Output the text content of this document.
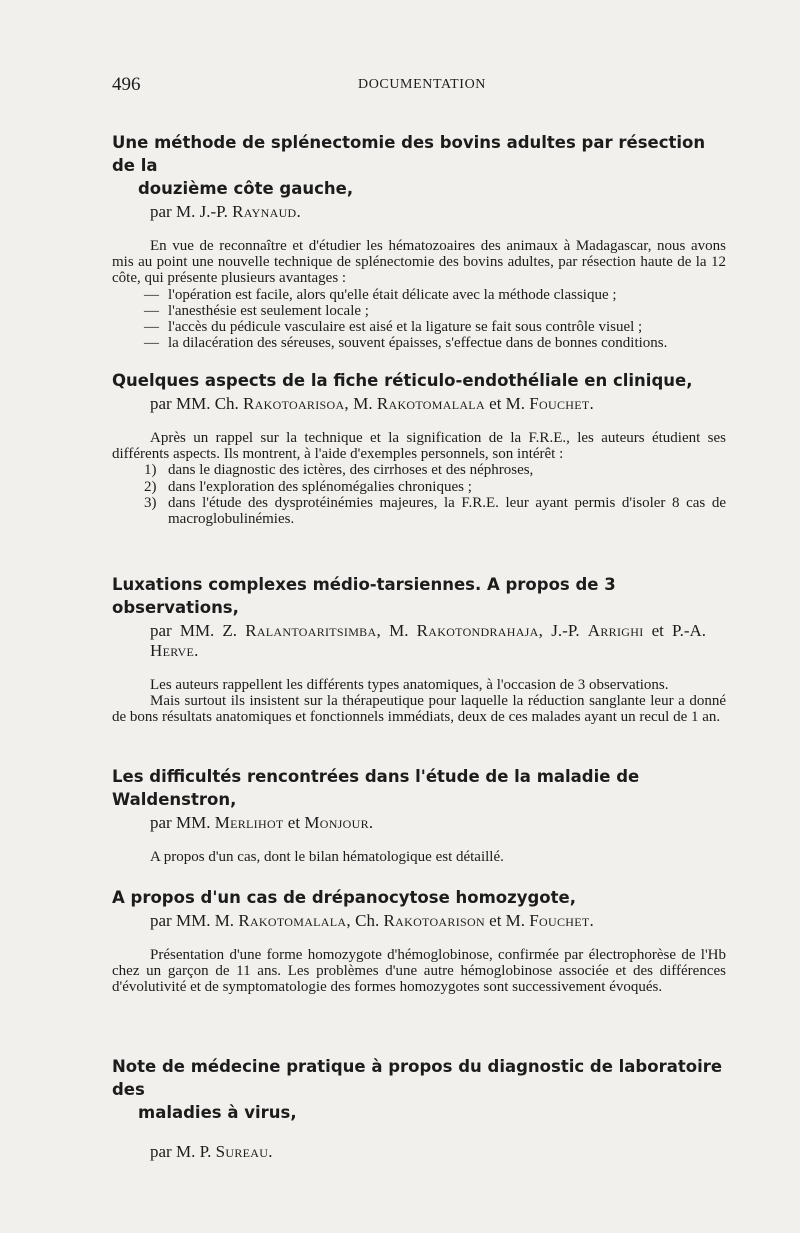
496	DOCUMENTATION
Une méthode de splénectomie des bovins adultes par résection de la
douzième côte gauche,
par M. J.-P. Raynaud.

En vue de reconnaître et d'étudier les hématozoaires des animaux à Madagascar, nous avons mis au point une nouvelle technique de splénectomie des bovins adultes, par résection haute de la 12 côte, qui présente plusieurs avantages :

— l'opération est facile, alors qu'elle était délicate avec la méthode classique ;
— l'anesthésie est seulement locale ;
— l'accès du pédicule vasculaire est aisé et la ligature se fait sous contrôle visuel ;
— la dilacération des séreuses, souvent épaisses, s'effectue dans de bonnes conditions.
Quelques aspects de la fiche réticulo-endothéliale en clinique,
par MM. Ch. Rakotoarisoa, M. Rakotomalala et M. Fouchet.

Après un rappel sur la technique et la signification de la F.R.E., les auteurs étudient ses différents aspects. Ils montrent, à l'aide d'exemples personnels, son intérêt :

1) dans le diagnostic des ictères, des cirrhoses et des néphroses,
2) dans l'exploration des splénomégalies chroniques ;
3) dans l'étude des dysprotéinémies majeures, la F.R.E. leur ayant permis d'isoler 8 cas de macroglobulinémies.
Luxations complexes médio-tarsiennes. A propos de 3 observations,
par MM. Z. Ralantoaritsimba, M. Rakotondrahaja, J.-P. Arrighi et P.-A. Herve.

Les auteurs rappellent les différents types anatomiques, à l'occasion de 3 observations.

Mais surtout ils insistent sur la thérapeutique pour laquelle la réduction sanglante leur a donné de bons résultats anatomiques et fonctionnels immédiats, deux de ces malades ayant un recul de 1 an.

Les difficultés rencontrées dans l'étude de la maladie de Waldenstron,
par MM. Merlihot et Monjour.

A propos d'un cas, dont le bilan hématologique est détaillé.

A propos d'un cas de drépanocytose homozygote,
par MM. M. Rakotomalala, Ch. Rakotoarison et M. Fouchet.

Présentation d'une forme homozygote d'hémoglobinose, confirmée par électrophorèse de l'Hb chez un garçon de 11 ans. Les problèmes d'une autre hémoglobinose associée et des différences d'évolutivité et de symptomatologie des formes homozygotes sont successivement évoqués.

Note de médecine pratique à propos du diagnostic de laboratoire des
maladies à virus,
par M. P. Sureau.
